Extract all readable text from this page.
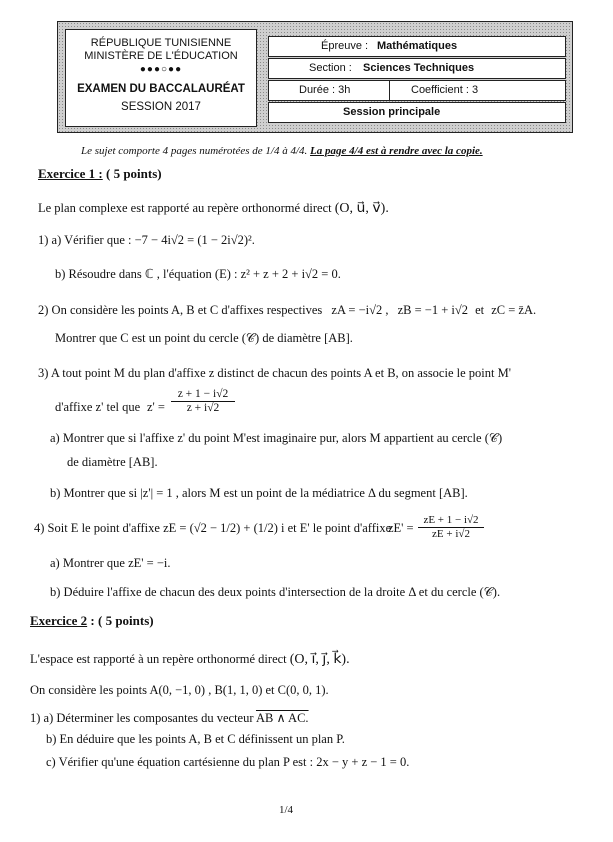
RÉPUBLIQUE TUNISIENNE
MINISTÈRE DE L'ÉDUCATION
●●●○●●
EXAMEN DU BACCALAURÉAT
SESSION 2017
Épreuve : Mathématiques
Section : Sciences Techniques
Durée : 3h	Coefficient : 3
Session principale
Le sujet comporte 4 pages numérotées de 1/4 à 4/4. La page 4/4 est à rendre avec la copie.
Exercice 1 : ( 5 points)
Le plan complexe est rapporté au repère orthonormé direct (O, u⃗, v⃗).
1) a) Vérifier que : −7 − 4i√2 = (1 − 2i√2)².
b) Résoudre dans ℂ , l'équation (E) : z² + z + 2 + i√2 = 0.
2) On considère les points A, B et C d'affixes respectives zA = −i√2 , zB = −1 + i√2 et zC = z̄A.
Montrer que C est un point du cercle (𝒞) de diamètre [AB].
3) A tout point M du plan d'affixe z distinct de chacun des points A et B, on associe le point M'
d'affixe z' tel que $z' = \frac{z + 1 - i√2}{z + i√2}$
a) Montrer que si l'affixe z' du point M'est imaginaire pur, alors M appartient au cercle (𝒞)
de diamètre [AB].
b) Montrer que si |z'| = 1 , alors M est un point de la médiatrice Δ du segment [AB].
4) Soit E le point d'affixe zE = (√2 − 1/2) + (1/2) i et E' le point d'affixe
$zE' = \frac{zE + 1 - i√2}{zE + i√2}$
a) Montrer que zE' = −i.
b) Déduire l'affixe de chacun des deux points d'intersection de la droite Δ et du cercle (𝒞).
Exercice 2 : ( 5 points)
L'espace est rapporté à un repère orthonormé direct (O, i⃗, j⃗, k⃗).
On considère les points A(0, −1, 0) , B(1, 1, 0) et C(0, 0, 1).
1) a) Déterminer les composantes du vecteur AB ∧ AC.
b) En déduire que les points A, B et C définissent un plan P.
c) Vérifier qu'une équation cartésienne du plan P est : 2x − y + z − 1 = 0.
1/4
